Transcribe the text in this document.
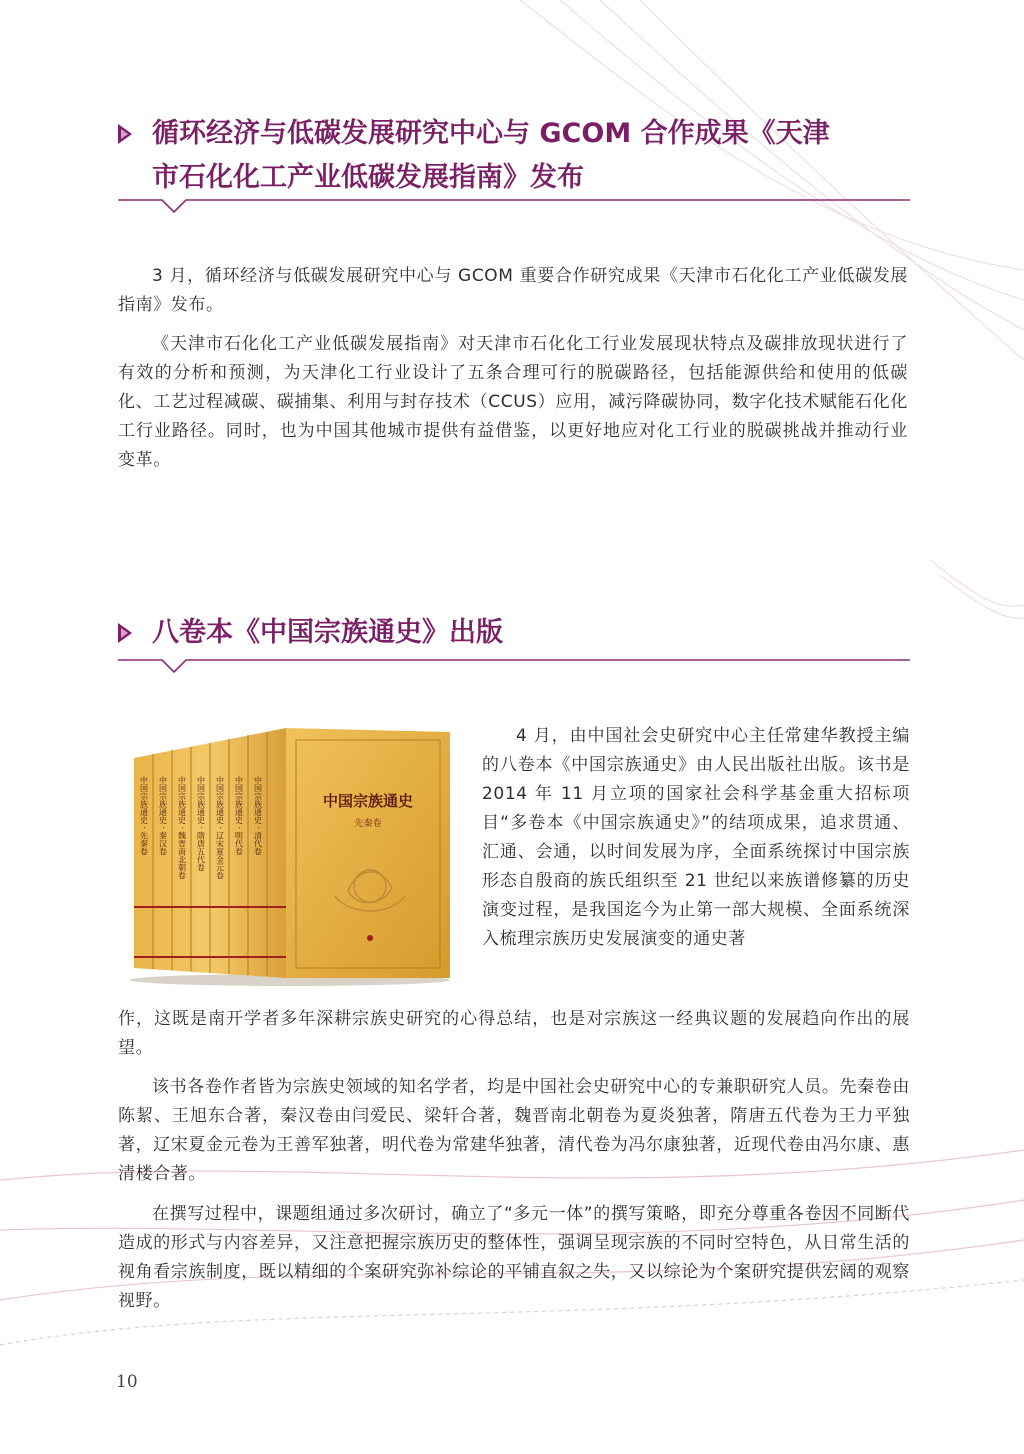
循环经济与低碳发展研究中心与 GCOM 合作成果《天津
市石化化工产业低碳发展指南》发布

3 月，循环经济与低碳发展研究中心与 GCOM 重要合作研究成果《天津市石化化工产业低碳发展指南》发布。

《天津市石化化工产业低碳发展指南》对天津市石化化工行业发展现状特点及碳排放现状进行了有效的分析和预测，为天津化工行业设计了五条合理可行的脱碳路径，包括能源供给和使用的低碳化、工艺过程减碳、碳捕集、利用与封存技术（CCUS）应用，减污降碳协同，数字化技术赋能石化化工行业路径。同时，也为中国其他城市提供有益借鉴，以更好地应对化工行业的脱碳挑战并推动行业变革。

八卷本《中国宗族通史》出版
中国宗族通史
先秦卷
中国宗族通史 · 先秦卷 中国宗族通史 · 秦汉卷 中国宗族通史 · 魏晋南北朝卷 中国宗族通史 · 隋唐五代卷 中国宗族通史 · 辽宋夏金元卷 中国宗族通史 · 明代卷 中国宗族通史 · 清代卷

4 月，由中国社会史研究中心主任常建华教授主编的八卷本《中国宗族通史》由人民出版社出版。该书是 2014 年 11 月立项的国家社会科学基金重大招标项目“多卷本《中国宗族通史》”的结项成果，追求贯通、汇通、会通，以时间发展为序，全面系统探讨中国宗族形态自殷商的族氏组织至 21 世纪以来族谱修纂的历史演变过程，是我国迄今为止第一部大规模、全面系统深入梳理宗族历史发展演变的通史著

作，这既是南开学者多年深耕宗族史研究的心得总结，也是对宗族这一经典议题的发展趋向作出的展望。

该书各卷作者皆为宗族史领域的知名学者，均是中国社会史研究中心的专兼职研究人员。先秦卷由陈絜、王旭东合著，秦汉卷由闫爱民、梁轩合著，魏晋南北朝卷为夏炎独著，隋唐五代卷为王力平独著，辽宋夏金元卷为王善军独著，明代卷为常建华独著，清代卷为冯尔康独著，近现代卷由冯尔康、惠清楼合著。

在撰写过程中，课题组通过多次研讨，确立了“多元一体”的撰写策略，即充分尊重各卷因不同断代造成的形式与内容差异，又注意把握宗族历史的整体性，强调呈现宗族的不同时空特色，从日常生活的视角看宗族制度，既以精细的个案研究弥补综论的平铺直叙之失，又以综论为个案研究提供宏阔的观察视野。

10
